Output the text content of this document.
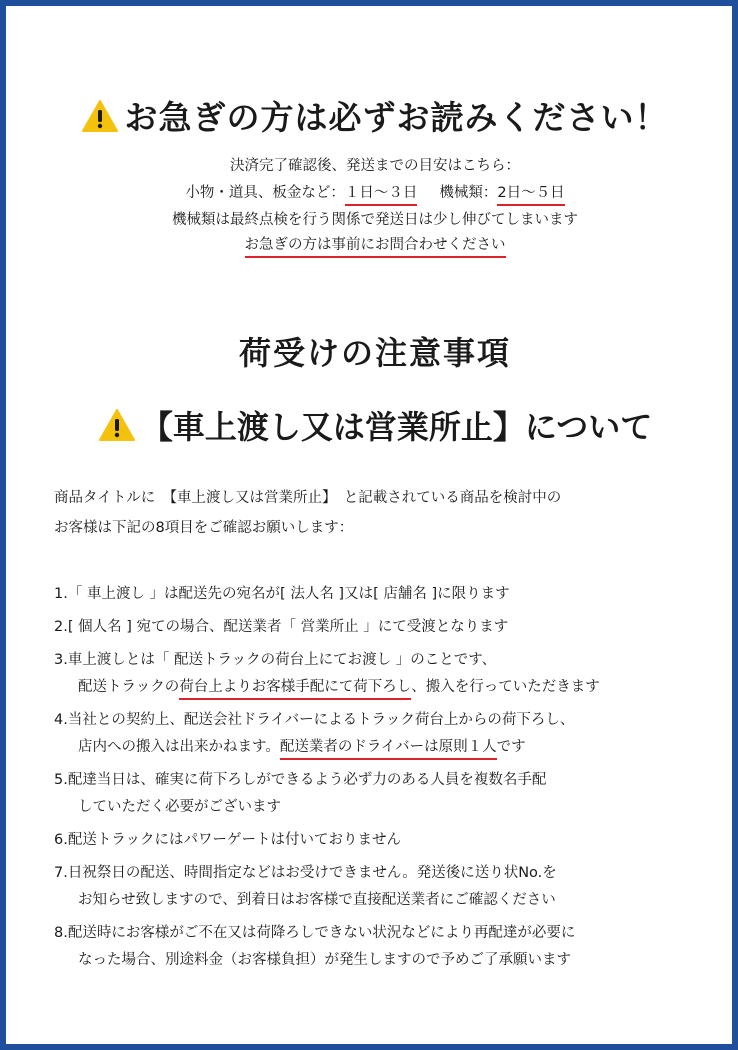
お急ぎの方は必ずお読みください！
決済完了確認後、発送までの目安はこちら：
小物・道具、板金など：１日〜３日 機械類：2日〜５日
機械類は最終点検を行う関係で発送日は少し伸びてしまいます
お急ぎの方は事前にお問合わせください
荷受けの注意事項
【車上渡し又は営業所止】について
商品タイトルに　【車上渡し又は営業所止】　と記載されている商品を検討中の
お客様は下記の8項目をご確認お願いします：
1.「 車上渡し 」は配送先の宛名が[ 法人名 ]又は[ 店舗名 ]に限ります
2.[ 個人名 ] 宛ての場合、配送業者「 営業所止 」にて受渡となります
3.車上渡しとは「 配送トラックの荷台上にてお渡し 」のことです、
配送トラックの荷台上よりお客様手配にて荷下ろし、搬入を行っていただきます
4.当社との契約上、配送会社ドライバーによるトラック荷台上からの荷下ろし、
店内への搬入は出来かねます。配送業者のドライバーは原則１人です
5.配達当日は、確実に荷下ろしができるよう必ず力のある人員を複数名手配
していただく必要がございます
6.配送トラックにはパワーゲートは付いておりません
7.日祝祭日の配送、時間指定などはお受けできません。発送後に送り状No.を
お知らせ致しますので、到着日はお客様で直接配送業者にご確認ください
8.配送時にお客様がご不在又は荷降ろしできない状況などにより再配達が必要に
なった場合、別途料金（お客様負担）が発生しますので予めご了承願います
